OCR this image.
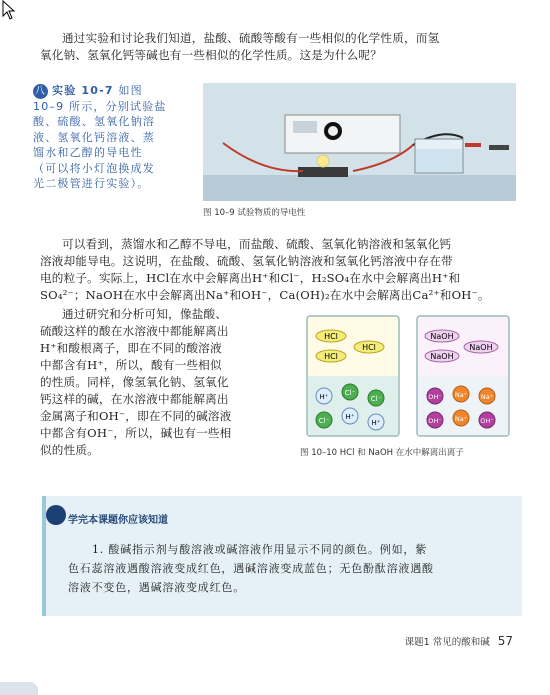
通过实验和讨论我们知道，盐酸、硫酸等酸有一些相似的化学性质，而氢
氧化钠、氢氧化钙等碱也有一些相似的化学性质。这是为什么呢？
八 实验 10-7 如图
10–9 所示，分别试验盐
酸、硫酸、氢氧化钠溶
液、氢氧化钙溶液、蒸
馏水和乙醇的导电性
（可以将小灯泡换成发
光二极管进行实验）。
图 10–9 试验物质的导电性
可以看到，蒸馏水和乙醇不导电，而盐酸、硫酸、氢氧化钠溶液和氢氧化钙
溶液却能导电。这说明，在盐酸、硫酸、氢氧化钠溶液和氢氧化钙溶液中存在带
电的粒子。实际上，HCl在水中会解离出H⁺和Cl⁻，H₂SO₄在水中会解离出H⁺和
SO₄²⁻；NaOH在水中会解离出Na⁺和OH⁻，Ca(OH)₂在水中会解离出Ca²⁺和OH⁻。
通过研究和分析可知，像盐酸、
硫酸这样的酸在水溶液中都能解离出
H⁺和酸根离子，即在不同的酸溶液
中都含有H⁺，所以，酸有一些相似
的性质。同样，像氢氧化钠、氢氧化
钙这样的碱，在水溶液中都能解离出
金属离子和OH⁻，即在不同的碱溶液
中都含有OH⁻，所以，碱也有一些相
似的性质。
HCl
HCl
HCl
NaOH
NaOH
NaOH
H⁺ Cl⁻
Cl⁻
Cl⁻ H⁺
H⁺
OH⁻ Na⁺ Na⁺
OH⁻ Na⁺ OH⁻
图 10–10 HCl 和 NaOH 在水中解离出离子
学完本课题你应该知道
1. 酸碱指示剂与酸溶液或碱溶液作用显示不同的颜色。例如，紫
色石蕊溶液遇酸溶液变成红色，遇碱溶液变成蓝色；无色酚酞溶液遇酸
溶液不变色，遇碱溶液变成红色。
课题1 常见的酸和碱 57
